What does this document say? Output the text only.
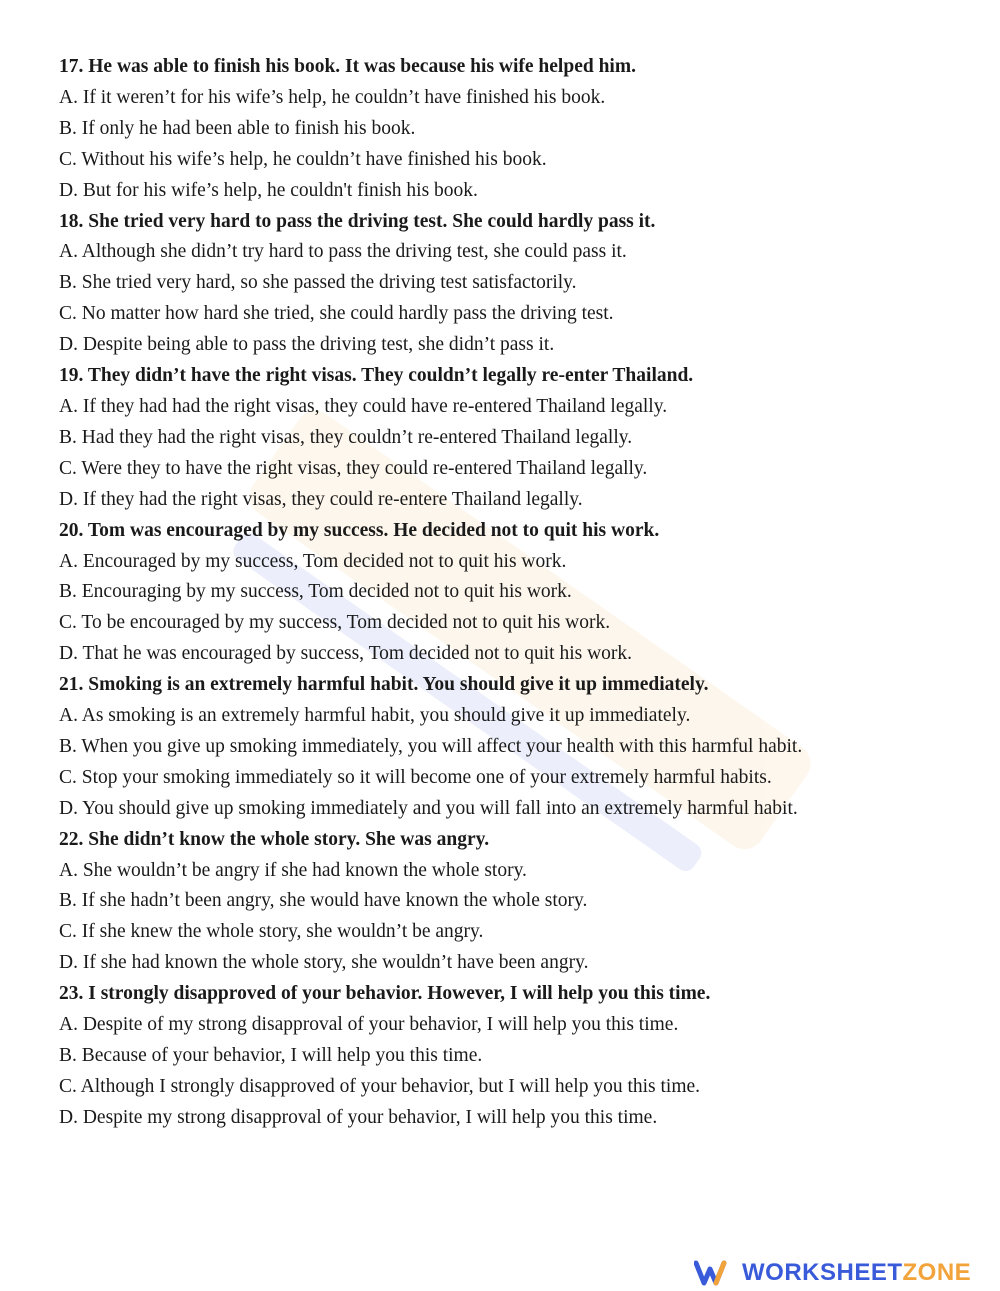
17. He was able to finish his book. It was because his wife helped him.
A. If it weren’t for his wife’s help, he couldn’t have finished his book.
B. If only he had been able to finish his book.
C. Without his wife’s help, he couldn’t have finished his book.
D. But for his wife’s help, he couldn't finish his book.
18. She tried very hard to pass the driving test. She could hardly pass it.
A. Although she didn’t try hard to pass the driving test, she could pass it.
B. She tried very hard, so she passed the driving test satisfactorily.
C. No matter how hard she tried, she could hardly pass the driving test.
D. Despite being able to pass the driving test, she didn’t pass it.
19. They didn’t have the right visas. They couldn’t legally re-enter Thailand.
A. If they had had the right visas, they could have re-entered Thailand legally.
B. Had they had the right visas, they couldn’t re-entered Thailand legally.
C. Were they to have the right visas, they could re-entered Thailand legally.
D. If they had the right visas, they could re-entere Thailand legally.
20. Tom was encouraged by my success. He decided not to quit his work.
A. Encouraged by my success, Tom decided not to quit his work.
B. Encouraging by my success, Tom decided not to quit his work.
C. To be encouraged by my success, Tom decided not to quit his work.
D. That he was encouraged by success, Tom decided not to quit his work.
21. Smoking is an extremely harmful habit. You should give it up immediately.
A. As smoking is an extremely harmful habit, you should give it up immediately.
B. When you give up smoking immediately, you will affect your health with this harmful habit.
C. Stop your smoking immediately so it will become one of your extremely harmful habits.
D. You should give up smoking immediately and you will fall into an extremely harmful habit.
22. She didn’t know the whole story. She was angry.
A. She wouldn’t be angry if she had known the whole story.
B. If she hadn’t been angry, she would have known the whole story.
C. If she knew the whole story, she wouldn’t be angry.
D. If she had known the whole story, she wouldn’t have been angry.
23. I strongly disapproved of your behavior. However, I will help you this time.
A. Despite of my strong disapproval of your behavior, I will help you this time.
B. Because of your behavior, I will help you this time.
C. Although I strongly disapproved of your behavior, but I will help you this time.
D. Despite my strong disapproval of your behavior, I will help you this time.
WORKSHEETZONE
